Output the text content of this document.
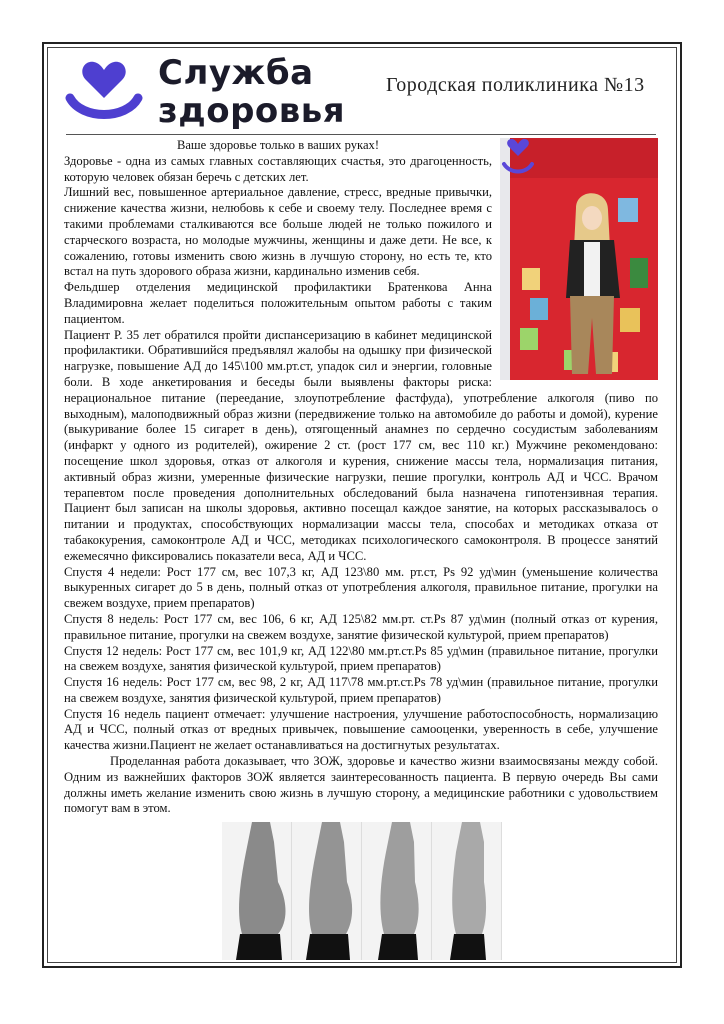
Служба
здоровья
Городская поликлиника №13

Ваше здоровье только в ваших руках!

Здоровье - одна из самых главных составляющих счастья, это драгоценность, которую человек обязан беречь с детских лет.

Лишний вес, повышенное артериальное давление, стресс, вредные привычки, снижение качества жизни, нелюбовь к себе и своему телу. Последнее время с такими проблемами сталкиваются все больше людей не только пожилого и старческого возраста, но молодые мужчины, женщины и даже дети. Не все, к сожалению, готовы изменить свою жизнь в лучшую сторону, но есть те, кто встал на путь здорового образа жизни, кардинально изменив себя.

Фельдшер отделения медицинской профилактики Братенкова Анна Владимировна желает поделиться положительным опытом работы с таким пациентом.

Пациент Р. 35 лет обратился пройти диспансеризацию в кабинет медицинской профилактики. Обратившийся предъявлял жалобы на одышку при физической нагрузке, повышение АД до 145\100 мм.рт.ст, упадок сил и энергии, головные боли. В ходе анкетирования и беседы были выявлены факторы риска: нерациональное питание (переедание, злоупотребление фастфуда), употребление алкоголя (пиво по выходным), малоподвижный образ жизни (передвижение только на автомобиле до работы и домой), курение (выкуривание более 15 сигарет в день), отягощенный анамнез по сердечно сосудистым заболеваниям (инфаркт у одного из родителей), ожирение 2 ст. (рост 177 см, вес 110 кг.) Мужчине рекомендовано: посещение школ здоровья, отказ от алкоголя и курения, снижение массы тела, нормализация питания, активный образ жизни, умеренные физические нагрузки, пешие прогулки, контроль АД и ЧСС. Врачом терапевтом после проведения дополнительных обследований была назначена гипотензивная терапия. Пациент был записан на школы здоровья, активно посещал каждое занятие, на которых рассказывалось о питании и продуктах, способствующих нормализации массы тела, способах и методиках отказа от табакокурения, самоконтроле АД и ЧСС, методиках психологического самоконтроля. В процессе занятий ежемесячно фиксировались показатели веса, АД и ЧСС.

Спустя 4 недели: Рост 177 см, вес 107,3 кг, АД 123\80 мм. рт.ст, Ps 92 уд\мин (уменьшение количества выкуренных сигарет до 5 в день, полный отказ от употребления алкоголя, правильное питание, прогулки на свежем воздухе, прием препаратов)

Спустя 8 недель: Рост 177 см, вес 106, 6 кг, АД 125\82 мм.рт. ст.Ps 87 уд\мин (полный отказ от курения, правильное питание, прогулки на свежем воздухе, занятие физической культурой, прием препаратов)

Спустя 12 недель: Рост 177 см, вес 101,9 кг, АД 122\80 мм.рт.ст.Ps 85 уд\мин (правильное питание, прогулки на свежем воздухе, занятия физической культурой, прием препаратов)

Спустя 16 недель: Рост 177 см, вес 98, 2 кг, АД 117\78 мм.рт.ст.Ps 78 уд\мин (правильное питание, прогулки на свежем воздухе, занятия физической культурой, прием препаратов)

Спустя 16 недель пациент отмечает: улучшение настроения, улучшение работоспособность, нормализацию АД и ЧСС, полный отказ от вредных привычек, повышение самооценки, уверенность в себе, улучшение качества жизни.Пациент не желает останавливаться на достигнутых результатах.

Проделанная работа доказывает, что ЗОЖ, здоровье и качество жизни взаимосвязаны между собой. Одним из важнейших факторов ЗОЖ является заинтересованность пациента. В первую очередь Вы сами должны иметь желание изменить свою жизнь в лучшую сторону, а медицинские работники с удовольствием помогут вам в этом.
